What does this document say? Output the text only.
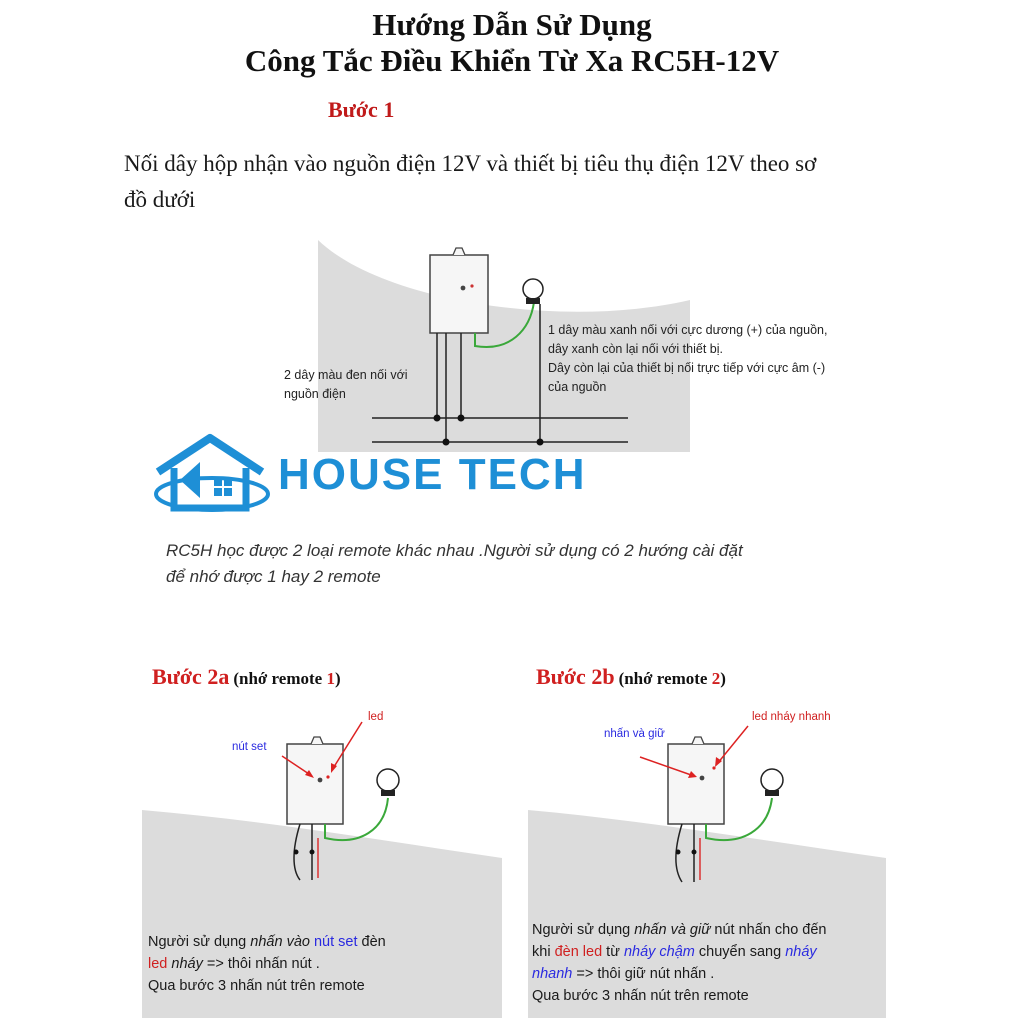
Hướng Dẫn Sử Dụng
Công Tắc Điều Khiển Từ Xa RC5H-12V
Bước 1
Nối dây hộp nhận vào nguồn điện 12V và thiết bị tiêu thụ điện 12V theo sơ
đồ dưới
2 dây màu đen nối với
nguồn điện
1 dây màu xanh nối với cực dương (+) của nguồn,
dây xanh còn lại nối với thiết bị.
Dây còn lại của thiết bị nối trực tiếp với cực âm (-)
của nguồn
HOUSE TECH
RC5H học được 2 loại remote khác nhau .Người sử dụng có 2 hướng cài đặt
để nhớ được 1 hay 2 remote
Bước 2a (nhớ remote 1)	Bước 2b (nhớ remote 2)
nút set
led
nhấn và giữ
led nháy nhanh
Người sử dụng nhấn vào nút set đèn
led nháy => thôi nhấn nút .
Qua bước 3 nhấn nút trên remote
Người sử dụng nhấn và giữ nút nhấn cho đến
khi đèn led từ nháy chậm chuyển sang nháy
nhanh => thôi giữ nút nhấn .
Qua bước 3 nhấn nút trên remote
